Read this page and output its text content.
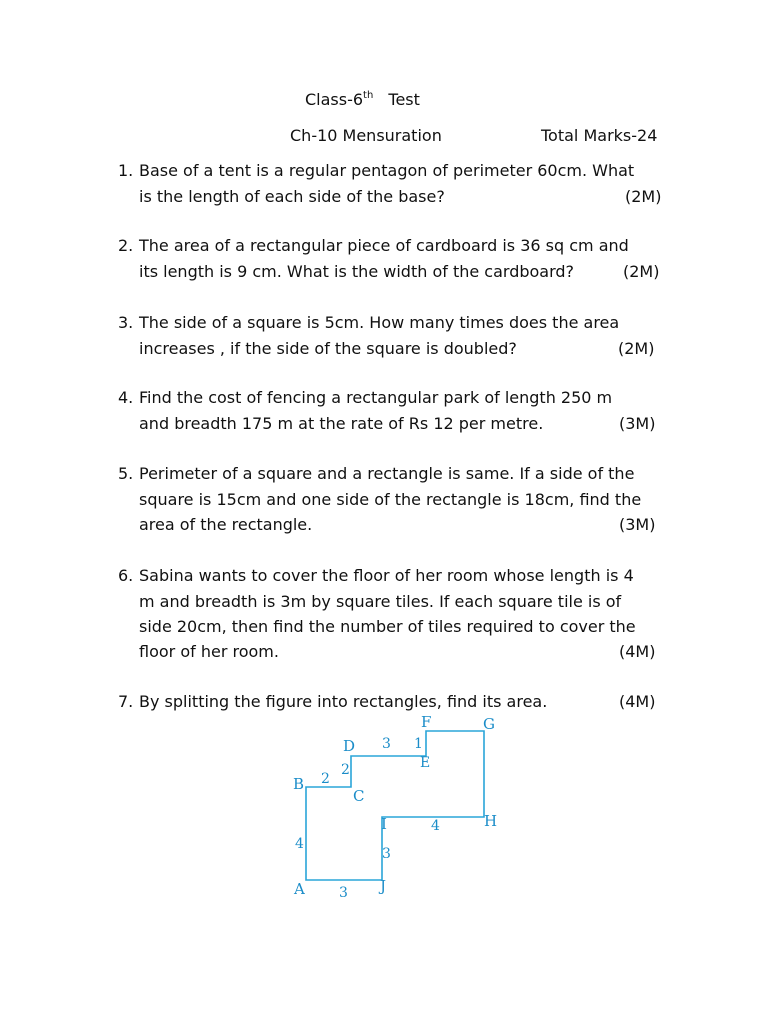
Class-6th Test
Ch-10 Mensuration	Total Marks-24
1. Base of a tent is a regular pentagon of perimeter 60cm. What
is the length of each side of the base?	(2M)
2. The area of a rectangular piece of cardboard is 36 sq cm and
its length is 9 cm. What is the width of the cardboard?	(2M)
3. The side of a square is 5cm. How many times does the area
increases , if the side of the square is doubled?	(2M)
4. Find the cost of fencing a rectangular park of length 250 m
and breadth 175 m at the rate of Rs 12 per metre.	(3M)
5. Perimeter of a square and a rectangle is same. If a side of the
square is 15cm and one side of the rectangle is 18cm, find the
area of the rectangle.	(3M)
6. Sabina wants to cover the floor of her room whose length is 4
m and breadth is 3m by square tiles. If each square tile is of
side 20cm, then find the number of tiles required to cover the
floor of her room.	(4M)
7. By splitting the figure into rectangles, find its area.	(4M)
A
B
C
D
E
F	G
H
I
J
4
3
2
2
3 1
4
3
